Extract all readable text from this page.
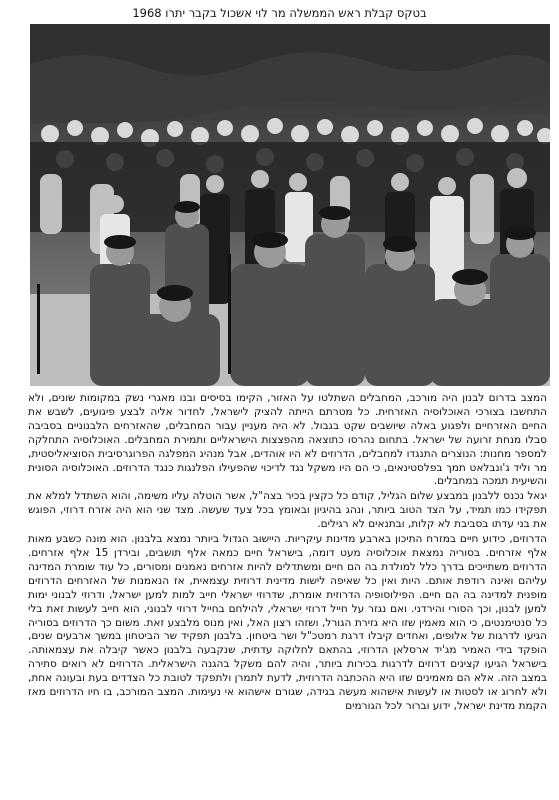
בטקס קבלת ראש הממשלה מר לוי אשכול בקבר יתרו 1968

המצב בדרום לבנון היה מורכב, המחבלים השתלטו על האזור, הקימו בסיסים ובנו מאגרי נשק במקומות שונים, ולא התחשבו בצורכי האוכלוסיה האזרחית. כל מטרתם הייתה להציק לישראל, לחדור אליה לבצע פיגועים, לשבש את החיים האזרחיים ולפגוע באלה שיושבים שקט בגבול. לא היה מעניין עבור המחבלים, שהאזרחים הלבנוניים בסביבה סבלו מנחת זרועה של ישראל. בתחום נהרסו כתוצאה מהפצצות הישראליים ותמירת המחבלים. האוכלוסיה התחלקה למספר מחנות: הנוצרים התנגדו למחבלים, הדרוזים לא היו אוהדים, אבל מנהיג המפלגה הפרוגרסיבית הסוציאליסטית, מר וליד ג'ונבלאט תמך בפלסטינאים, כי הם היו משקל נגד לדיכוי שהפעילו הפלנגות כנגד הדרוזים. האוכלוסיה הסונית והשיעית תמכה במחבלים.

יגאל נכנס ללבנון במבצע שלום הגליל, קודם כל כקצין בכיר בצה"ל, אשר הוטלה עליו משימה, והוא השתדל למלא את תפקידו כמו תמיד, על הצד הטוב ביותר, ונהג בהיגיון ובאומץ בכל צעד שעשה. מצד שני הוא היה אזרח דרוזי, הפוגש את בני עדתו בסביבת לא קלות, ובתנאים לא רגילים.

הדרוזים, כידוע חיים במזרח התיכון בארבע מדינות עיקריות. היישוב הגדול ביותר נמצא בלבנון. הוא מונה כשבע מאות אלף אזרחים. בסוריה נמצאת אוכלוסיה מעט דומה, בישראל חיים כמאה אלף תושבים, ובירדן 15 אלף אזרחים. הדרוזים משתייכים בדרך כלל למולדת בה הם חיים ומשתדלים להיות אזרחים נאמנים ומסורים, כל עוד שומרת המדינה עליהם ואינה רודפת אותם. היות ואין כל שאיפה לישות מדינית דרוזית עצמאית, אז הנאמנות של האזרחים הדרוזים מופנית למדינה בה הם חיים. הפילוסופיה הדרוזית אומרת, שדרוזי ישראלי חייב למות למען ישראל, ודרוזי לבנוני ימות למען לבנון, וכך הסורי והירדני. ואם נגזר על חייל דרוזי ישראלי, להילחם בחייל דרוזי לבנוני, הוא חייב לעשות זאת בלי כל סנטימנטים, כי הוא מאמין שזו היא גזירת הגורל, ושזהו רצון האל, ואין מנוס מלבצע זאת. משום כך הדרוזים בסוריה הגיעו לדרגות של אלופים, ואחדים קיבלו דרגת רמטכ"ל ושר ביטחון. בלבנון תפקיד שר הביטחון במשך ארבעים שנים, הופקד בידי האמיר מג'יד ארסלאן הדרוזי, בהתאם לחלוקה עדתית, שנקבעה בלבנון כאשר קיבלה את עצמאותה. בישראל הגיעו קצינים דרוזים לדרגות בכירות ביותר, והיה להם משקל בהגנה הישראלית. הדרוזים לא רואים סתירה במצב הזה. אלא הם מאמינים שזו היא ההכתבה הדרוזית, לדעת לתמרן ולתפקד לטובת כל הצדדים בעת ובעונה אחת, ולא לחרוג או לסטות או לעשות אישהוא מעשה בגידה, שגורם אישהוא אי נעימות. המצב המורכב, בו חיו הדרוזים מאז הקמת מדינת ישראל, ידוע וברור לכל הגורמים
